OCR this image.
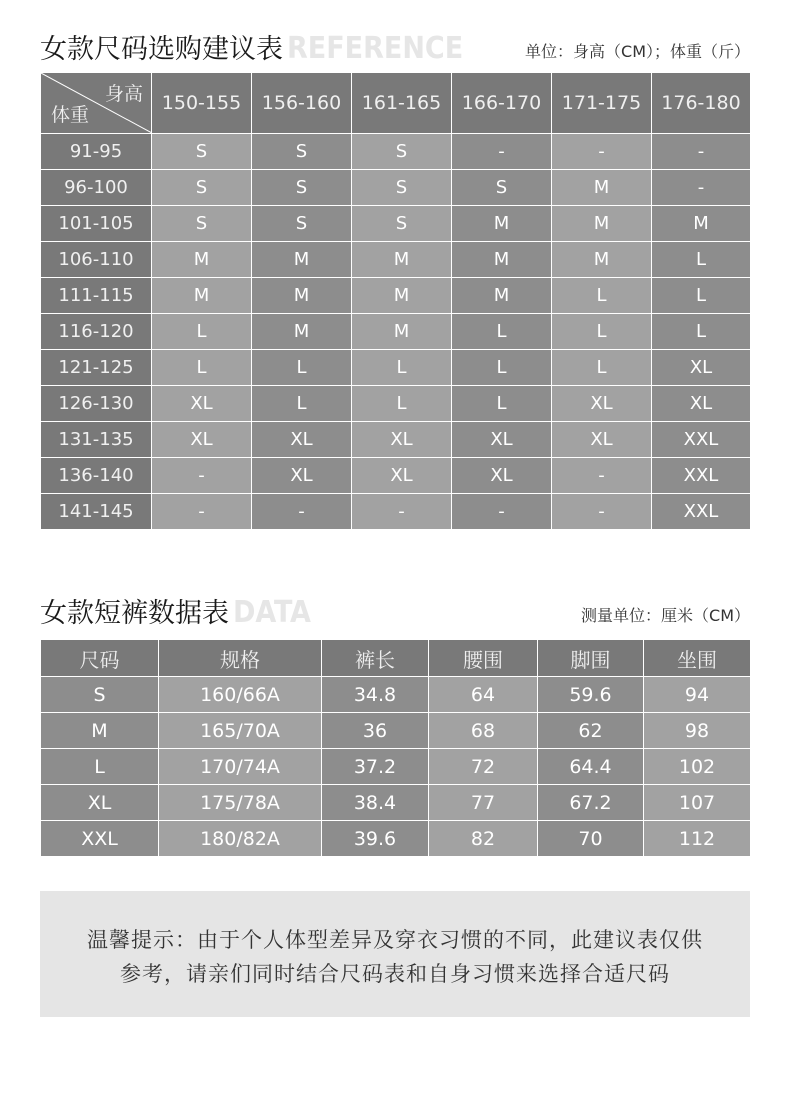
女款尺码选购建议表 REFERENCE	单位：身高（CM）；体重（斤）
身高
体重	150-155	156-160	161-165	166-170	171-175	176-180
91-95	S	S	S	-	-	-
96-100	S	S	S	S	M	-
101-105	S	S	S	M	M	M
106-110	M	M	M	M	M	L
111-115	M	M	M	M	L	L
116-120	L	M	M	L	L	L
121-125	L	L	L	L	L	XL
126-130	XL	L	L	L	XL	XL
131-135	XL	XL	XL	XL	XL	XXL
136-140	-	XL	XL	XL	-	XXL
141-145	-	-	-	-	-	XXL
女款短裤数据表 DATA	测量单位：厘米（CM）
尺码	规格	裤长	腰围	脚围	坐围
S	160/66A	34.8	64	59.6	94
M	165/70A	36	68	62	98
L	170/74A	37.2	72	64.4	102
XL	175/78A	38.4	77	67.2	107
XXL	180/82A	39.6	82	70	112
温馨提示：由于个人体型差异及穿衣习惯的不同，此建议表仅供
参考，请亲们同时结合尺码表和自身习惯来选择合适尺码
